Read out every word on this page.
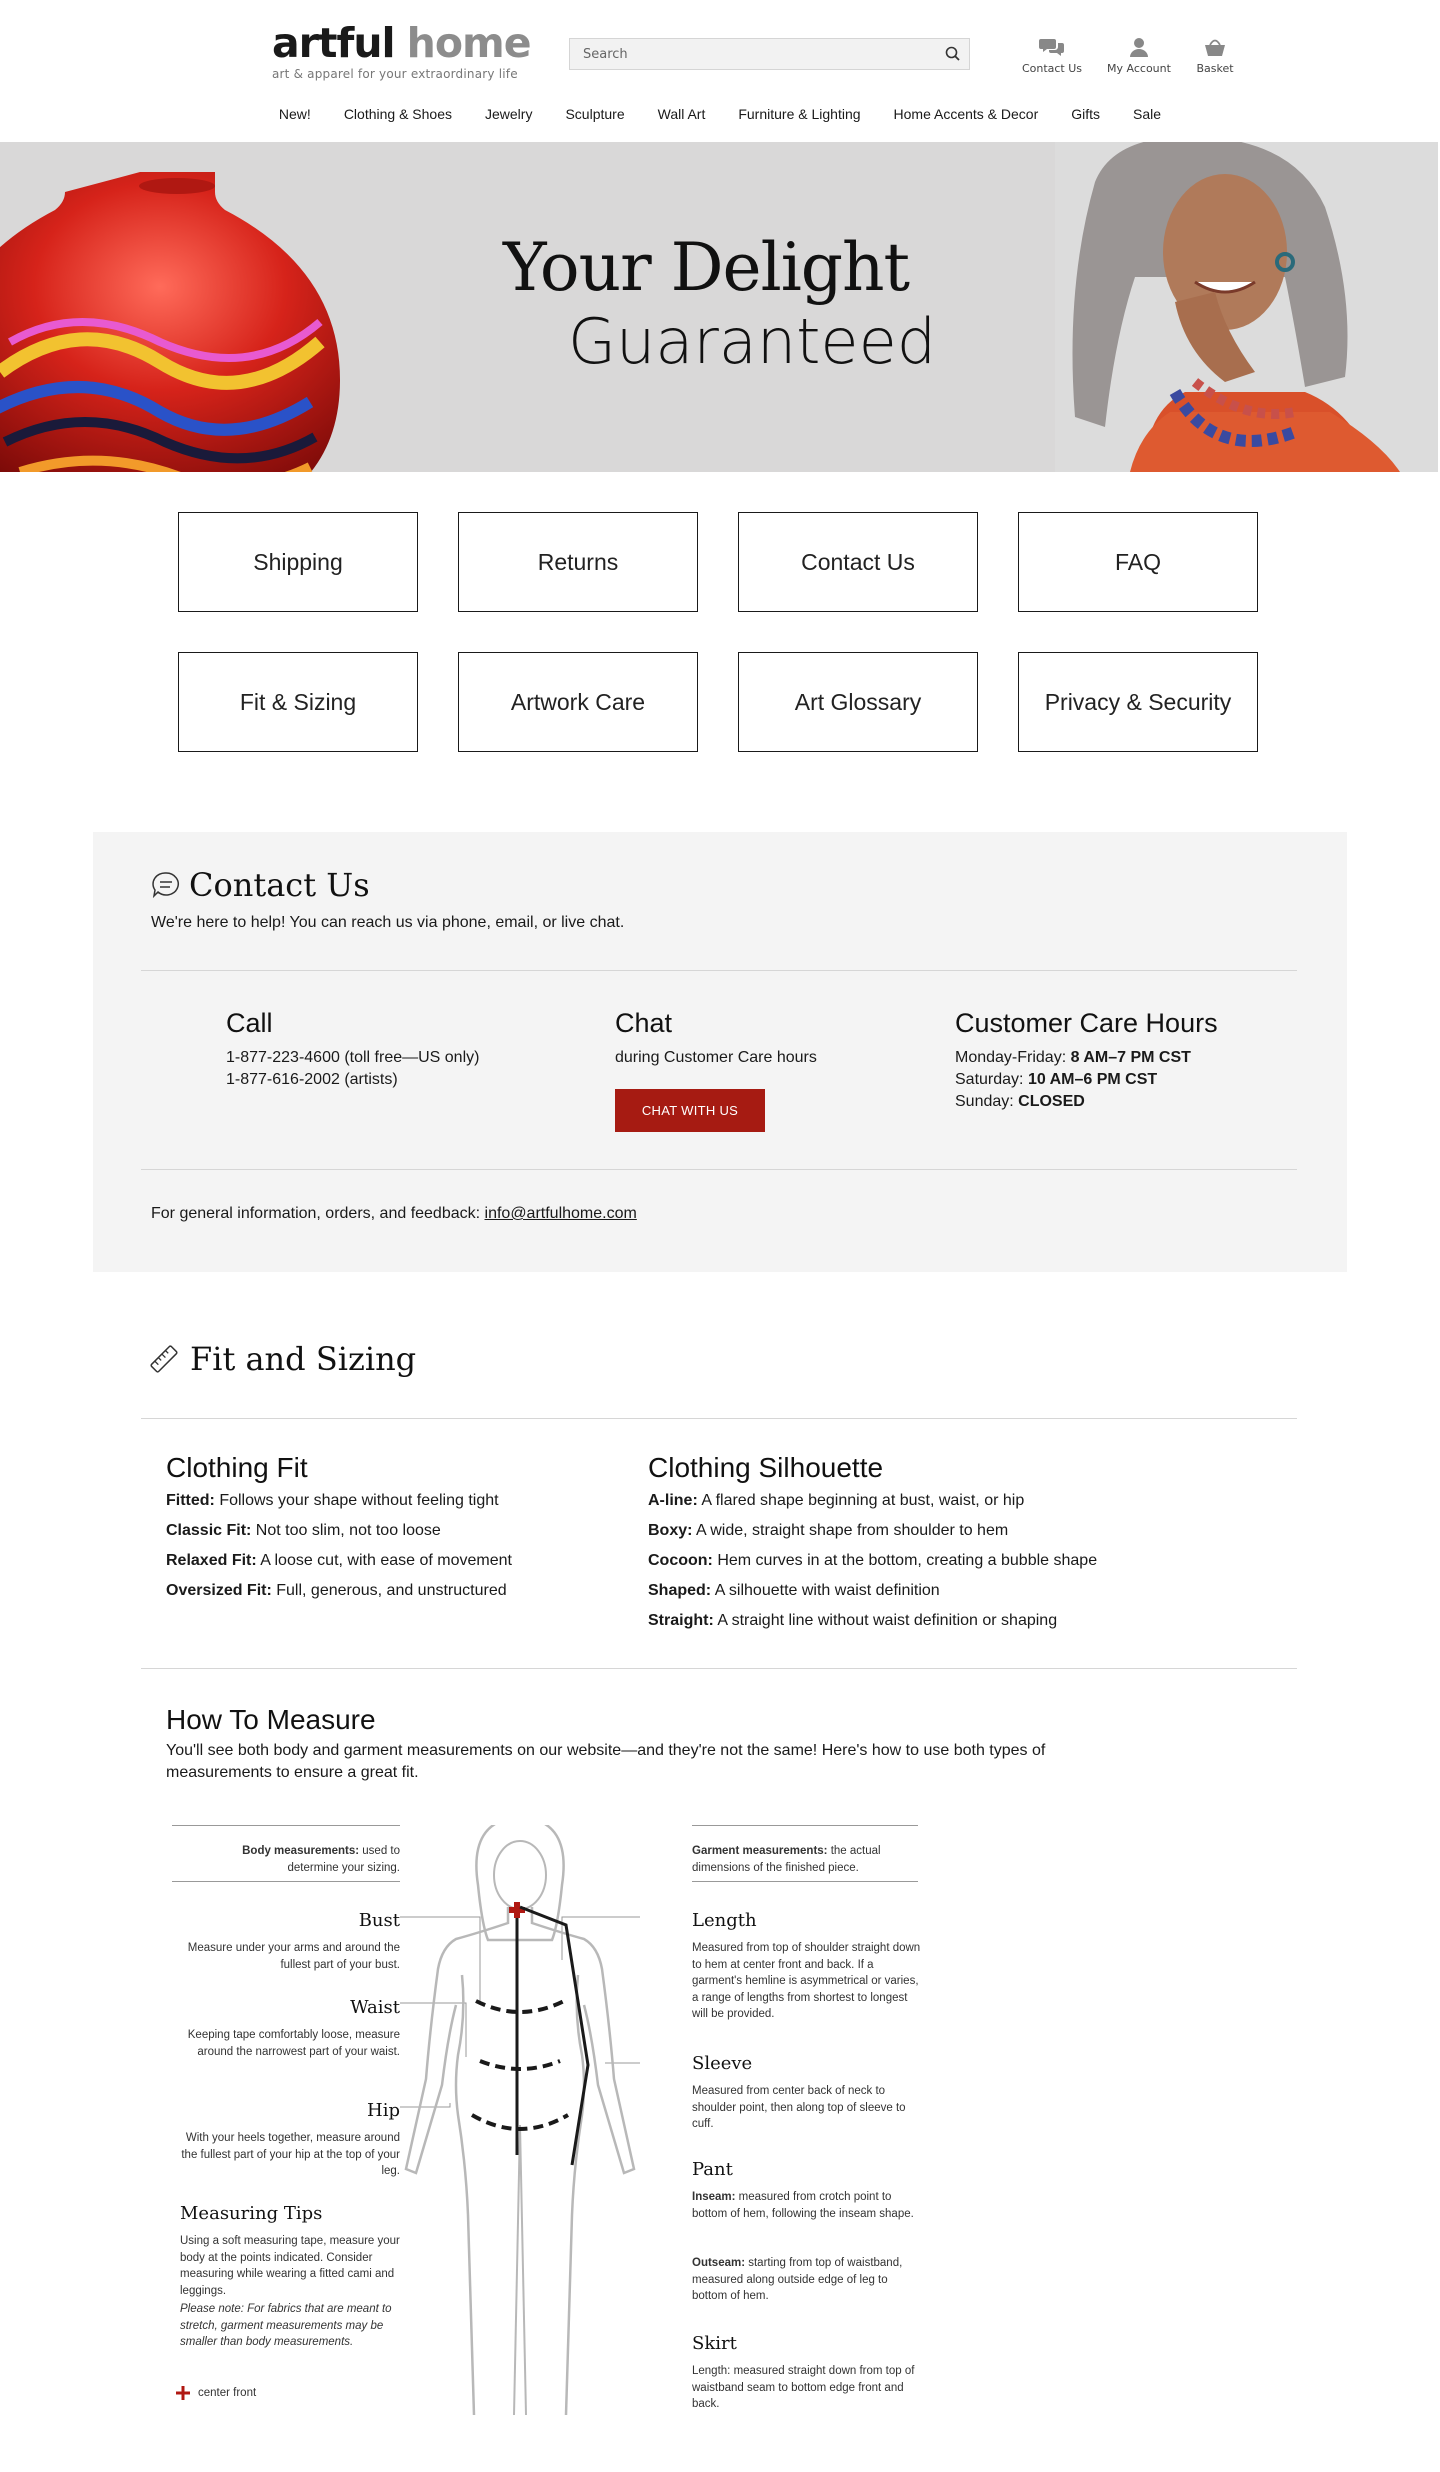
artful home
art & apparel for your extraordinary life
Search	Contact Us	My Account	Basket
New! Clothing & Shoes Jewelry Sculpture Wall Art Furniture & Lighting Home Accents & Decor Gifts Sale
Your Delight
Guaranteed
Shipping	Returns	Contact Us	FAQ
Fit & Sizing	Artwork Care	Art Glossary	Privacy & Security
Contact Us
We're here to help! You can reach us via phone, email, or live chat.
Call
1-877-223-4600 (toll free—US only)
1-877-616-2002 (artists)
Chat
during Customer Care hours
CHAT WITH US
Customer Care Hours
Monday-Friday: 8 AM–7 PM CST
Saturday: 10 AM–6 PM CST
Sunday: CLOSED
For general information, orders, and feedback: info@artfulhome.com
Fit and Sizing
Clothing Fit
Fitted: Follows your shape without feeling tight
Classic Fit: Not too slim, not too loose
Relaxed Fit: A loose cut, with ease of movement
Oversized Fit: Full, generous, and unstructured
Clothing Silhouette
A-line: A flared shape beginning at bust, waist, or hip
Boxy: A wide, straight shape from shoulder to hem
Cocoon: Hem curves in at the bottom, creating a bubble shape
Shaped: A silhouette with waist definition
Straight: A straight line without waist definition or shaping
How To Measure
You'll see both body and garment measurements on our website—and they're not the same! Here's how to use both types of measurements to ensure a great fit.
Body measurements: used to determine your sizing.
Bust
Measure under your arms and around the fullest part of your bust.
Waist
Keeping tape comfortably loose, measure around the narrowest part of your waist.
Hip
With your heels together, measure around the fullest part of your hip at the top of your leg.
Measuring Tips
Using a soft measuring tape, measure your body at the points indicated. Consider measuring while wearing a fitted cami and leggings.
Please note: For fabrics that are meant to stretch, garment measurements may be smaller than body measurements.
center front
Garment measurements: the actual dimensions of the finished piece.
Length
Measured from top of shoulder straight down to hem at center front and back. If a garment's hemline is asymmetrical or varies, a range of lengths from shortest to longest will be provided.
Sleeve
Measured from center back of neck to shoulder point, then along top of sleeve to cuff.
Pant
Inseam: measured from crotch point to bottom of hem, following the inseam shape.
Outseam: starting from top of waistband, measured along outside edge of leg to bottom of hem.
Skirt
Length: measured straight down from top of waistband seam to bottom edge front and back.
